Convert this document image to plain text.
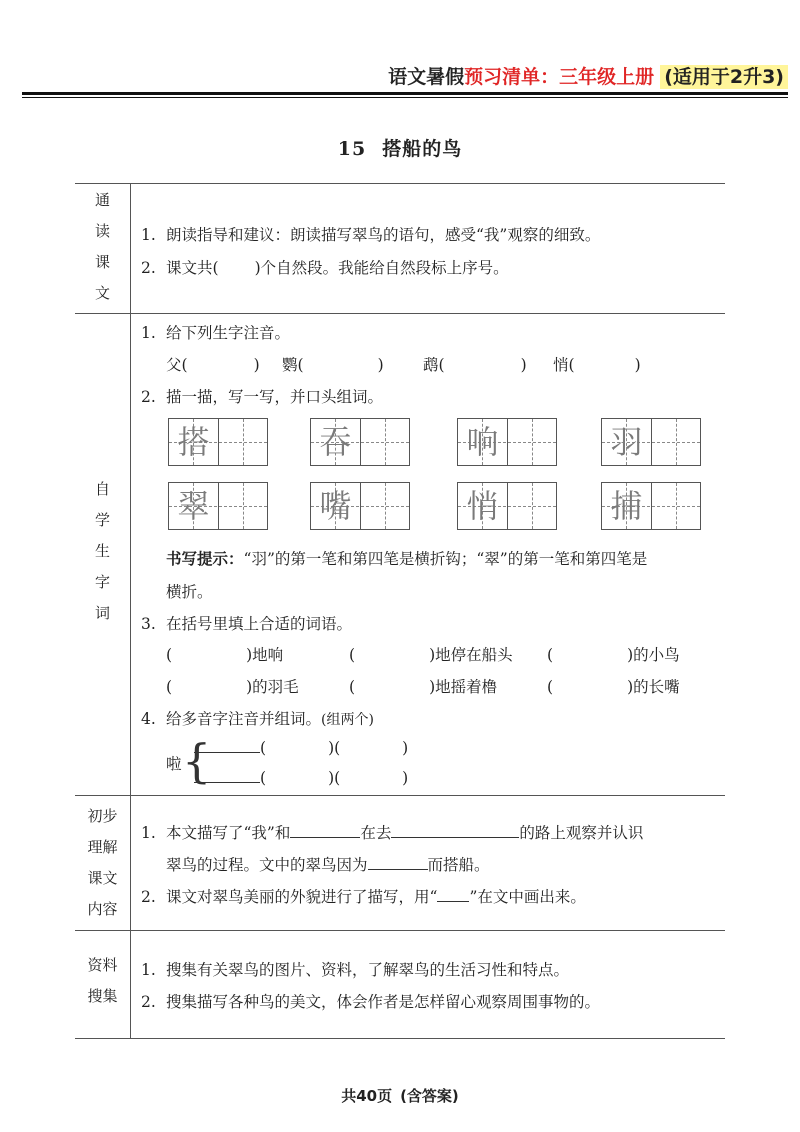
语文暑假预习清单：三年级上册 (适用于2升3)
15 搭船的鸟
通
读
课
文
1. 朗读指导和建议：朗读描写翠鸟的语句，感受“我”观察的细致。
2. 课文共( )个自然段。我能给自然段标上序号。
自
学
生
字
词
1. 给下列生字注音。
父(	) 鹦(	)	鹉(	) 悄(	)
2. 描一描，写一写，并口头组词。
搭	吞	响	羽
翠	嘴	悄	捕
书写提示：“羽”的第一笔和第四笔是横折钩；“翠”的第一笔和第四笔是
横折。
3. 在括号里填上合适的词语。
(	)地响	(	)地停在船头 (	)的小鸟
(	)的羽毛	(	)地摇着橹	(	)的长嘴
4. 给多音字注音并组词。(组两个)
啦 {	(	)(	)
(	)(	)
初步
理解
课文
内容
1. 本文描写了“我”和	在去	的路上观察并认识
翠鸟的过程。文中的翠鸟因为	而搭船。
2. 课文对翠鸟美丽的外貌进行了描写，用“ ”在文中画出来。
资料
搜集
1. 搜集有关翠鸟的图片、资料，了解翠鸟的生活习性和特点。
2. 搜集描写各种鸟的美文，体会作者是怎样留心观察周围事物的。
共40页 (含答案)
